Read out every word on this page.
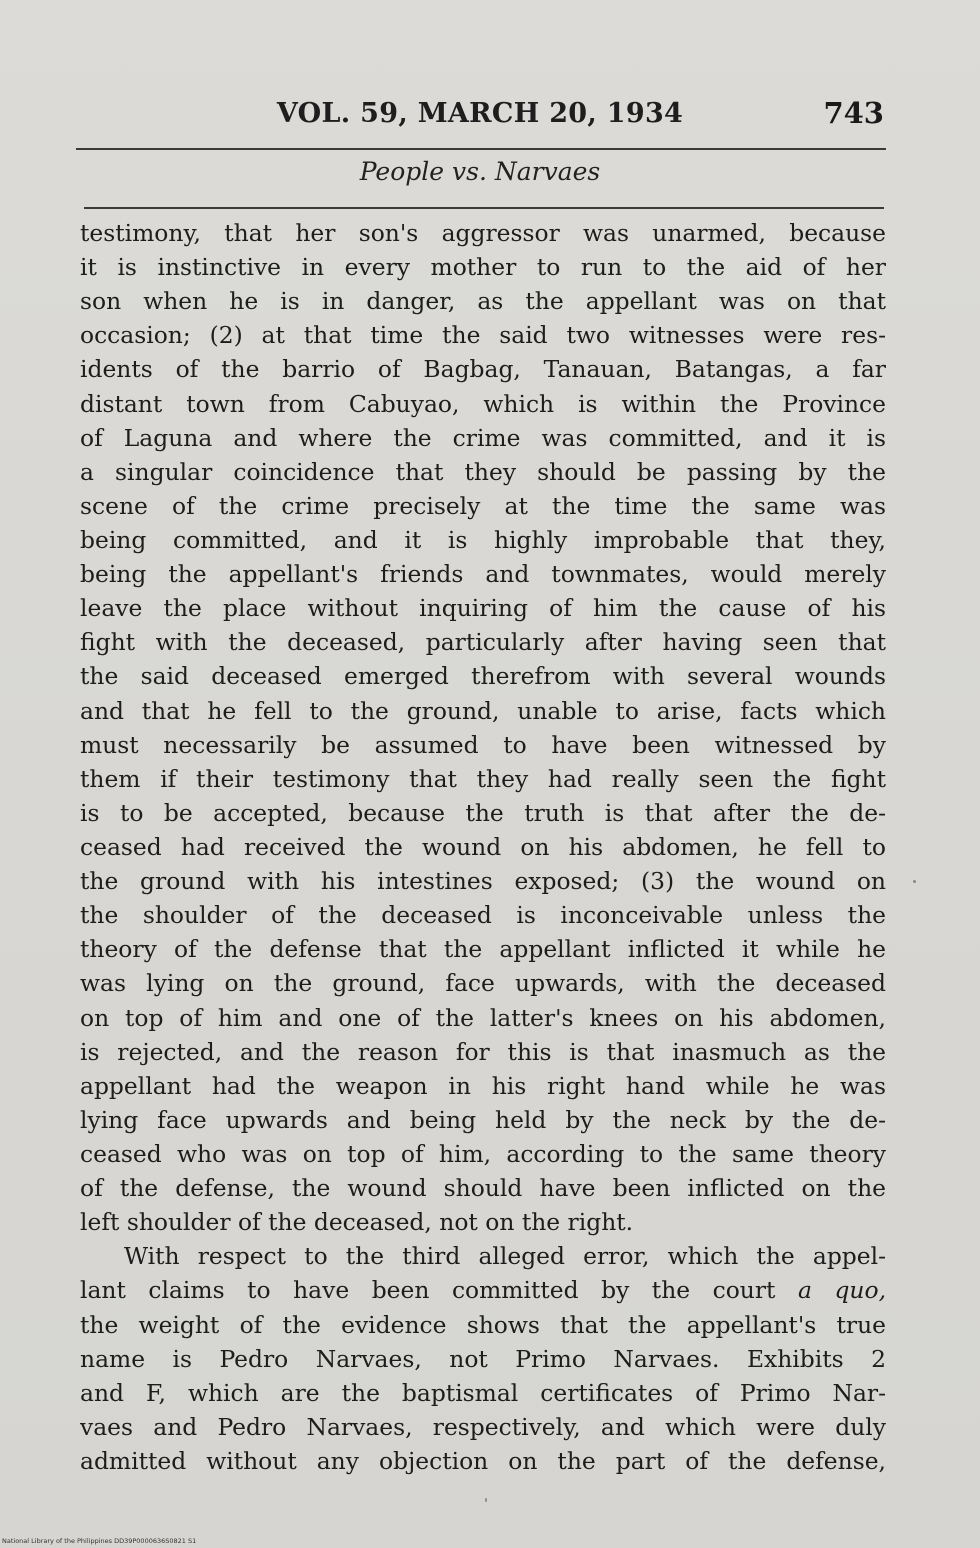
VOL. 59, MARCH 20, 1934	743
People vs. Narvaes
testimony, that her son's aggressor was unarmed, because
it is instinctive in every mother to run to the aid of her
son when he is in danger, as the appellant was on that
occasion; (2) at that time the said two witnesses were res-
idents of the barrio of Bagbag, Tanauan, Batangas, a far
distant town from Cabuyao, which is within the Province
of Laguna and where the crime was committed, and it is
a singular coincidence that they should be passing by the
scene of the crime precisely at the time the same was
being committed, and it is highly improbable that they,
being the appellant's friends and townmates, would merely
leave the place without inquiring of him the cause of his
fight with the deceased, particularly after having seen that
the said deceased emerged therefrom with several wounds
and that he fell to the ground, unable to arise, facts which
must necessarily be assumed to have been witnessed by
them if their testimony that they had really seen the fight
is to be accepted, because the truth is that after the de-
ceased had received the wound on his abdomen, he fell to
the ground with his intestines exposed; (3) the wound on
the shoulder of the deceased is inconceivable unless the
theory of the defense that the appellant inflicted it while he
was lying on the ground, face upwards, with the deceased
on top of him and one of the latter's knees on his abdomen,
is rejected, and the reason for this is that inasmuch as the
appellant had the weapon in his right hand while he was
lying face upwards and being held by the neck by the de-
ceased who was on top of him, according to the same theory
of the defense, the wound should have been inflicted on the
left shoulder of the deceased, not on the right.
With respect to the third alleged error, which the appel-
lant claims to have been committed by the court a quo,
the weight of the evidence shows that the appellant's true
name is Pedro Narvaes, not Primo Narvaes. Exhibits 2
and F, which are the baptismal certificates of Primo Nar-
vaes and Pedro Narvaes, respectively, and which were duly
admitted without any objection on the part of the defense,
National Library of the Philippines DD39P0000636S0821 S1
